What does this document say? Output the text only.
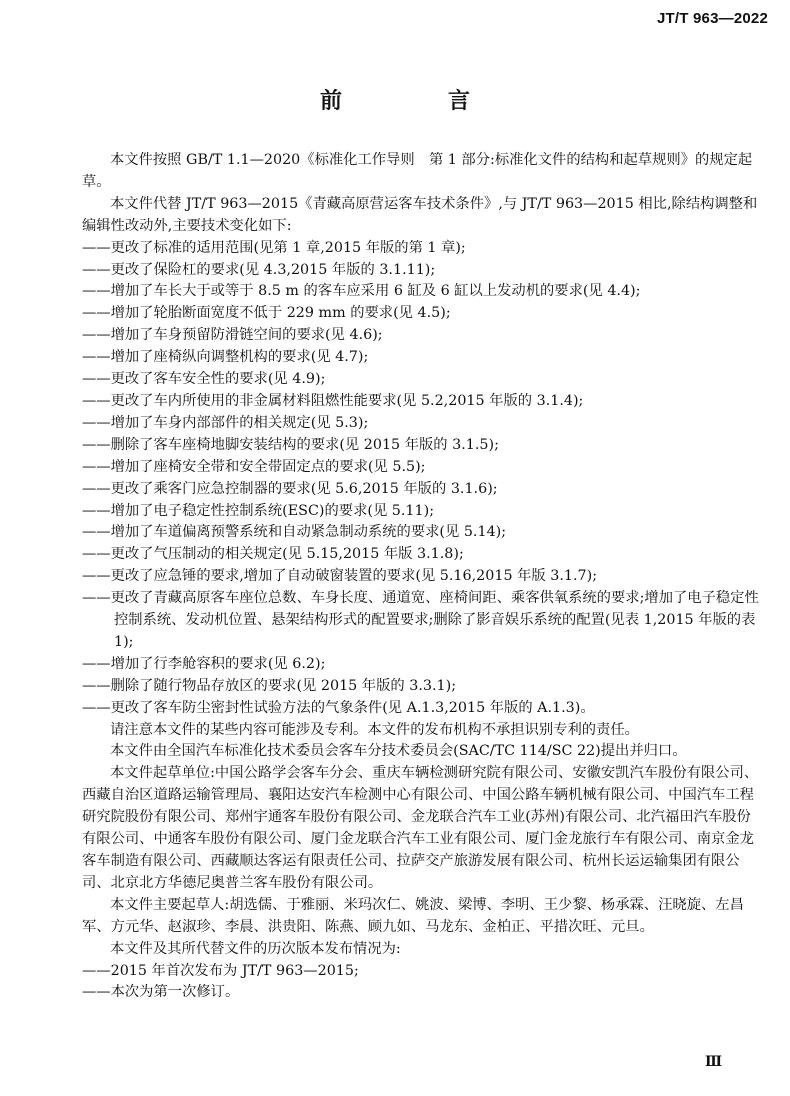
JT/T 963—2022
前　言

本文件按照 GB/T 1.1—2020《标准化工作导则　第 1 部分:标准化文件的结构和起草规则》的规定起草。

本文件代替 JT/T 963—2015《青藏高原营运客车技术条件》,与 JT/T 963—2015 相比,除结构调整和编辑性改动外,主要技术变化如下:

——更改了标准的适用范围(见第 1 章,2015 年版的第 1 章);

——更改了保险杠的要求(见 4.3,2015 年版的 3.1.11);

——增加了车长大于或等于 8.5 m 的客车应采用 6 缸及 6 缸以上发动机的要求(见 4.4);

——增加了轮胎断面宽度不低于 229 mm 的要求(见 4.5);

——增加了车身预留防滑链空间的要求(见 4.6);

——增加了座椅纵向调整机构的要求(见 4.7);

——更改了客车安全性的要求(见 4.9);

——更改了车内所使用的非金属材料阻燃性能要求(见 5.2,2015 年版的 3.1.4);

——增加了车身内部部件的相关规定(见 5.3);

——删除了客车座椅地脚安装结构的要求(见 2015 年版的 3.1.5);

——增加了座椅安全带和安全带固定点的要求(见 5.5);

——更改了乘客门应急控制器的要求(见 5.6,2015 年版的 3.1.6);

——增加了电子稳定性控制系统(ESC)的要求(见 5.11);

——增加了车道偏离预警系统和自动紧急制动系统的要求(见 5.14);

——更改了气压制动的相关规定(见 5.15,2015 年版 3.1.8);

——更改了应急锤的要求,增加了自动破窗装置的要求(见 5.16,2015 年版 3.1.7);

——更改了青藏高原客车座位总数、车身长度、通道宽、座椅间距、乘客供氧系统的要求;增加了电子稳定性控制系统、发动机位置、悬架结构形式的配置要求;删除了影音娱乐系统的配置(见表 1,2015 年版的表 1);

——增加了行李舱容积的要求(见 6.2);

——删除了随行物品存放区的要求(见 2015 年版的 3.3.1);

——更改了客车防尘密封性试验方法的气象条件(见 A.1.3,2015 年版的 A.1.3)。

请注意本文件的某些内容可能涉及专利。本文件的发布机构不承担识别专利的责任。

本文件由全国汽车标准化技术委员会客车分技术委员会(SAC/TC 114/SC 22)提出并归口。

本文件起草单位:中国公路学会客车分会、重庆车辆检测研究院有限公司、安徽安凯汽车股份有限公司、西藏自治区道路运输管理局、襄阳达安汽车检测中心有限公司、中国公路车辆机械有限公司、中国汽车工程研究院股份有限公司、郑州宇通客车股份有限公司、金龙联合汽车工业(苏州)有限公司、北汽福田汽车股份有限公司、中通客车股份有限公司、厦门金龙联合汽车工业有限公司、厦门金龙旅行车有限公司、南京金龙客车制造有限公司、西藏顺达客运有限责任公司、拉萨交产旅游发展有限公司、杭州长运运输集团有限公司、北京北方华德尼奥普兰客车股份有限公司。

本文件主要起草人:胡选儒、于雅丽、米玛次仁、姚波、梁博、李明、王少黎、杨承霖、汪晓旋、左昌军、方元华、赵淑珍、李晨、洪贵阳、陈燕、顾九如、马龙东、金柏正、平措次旺、元旦。

本文件及其所代替文件的历次版本发布情况为:

——2015 年首次发布为 JT/T 963—2015;

——本次为第一次修订。

Ⅲ
